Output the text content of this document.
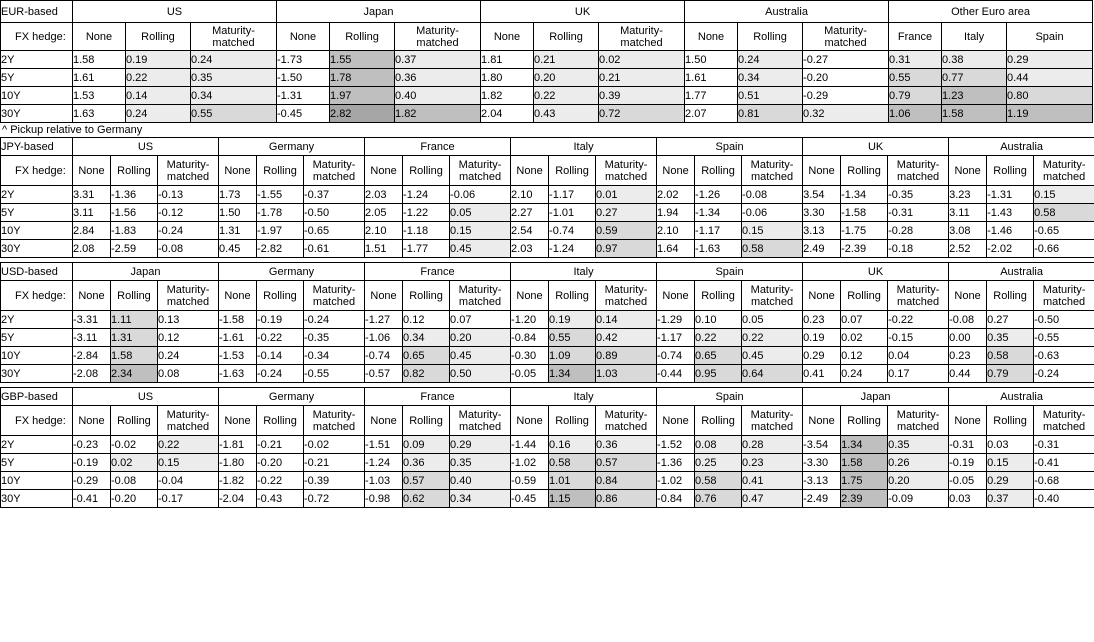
EUR-based	US			Japan			UK			Australia			Other Euro area		
FX hedge:	None	Rolling	Maturity-matched	None	Rolling	Maturity-matched	None	Rolling	Maturity-matched	None	Rolling	Maturity-matched	France	Italy	Spain
2Y	1.58	0.19	0.24	-1.73	1.55	0.37	1.81	0.21	0.02	1.50	0.24	-0.27	0.31	0.38	0.29
5Y	1.61	0.22	0.35	-1.50	1.78	0.36	1.80	0.20	0.21	1.61	0.34	-0.20	0.55	0.77	0.44
10Y	1.53	0.14	0.34	-1.31	1.97	0.40	1.82	0.22	0.39	1.77	0.51	-0.29	0.79	1.23	0.80
30Y	1.63	0.24	0.55	-0.45	2.82	1.82	2.04	0.43	0.72	2.07	0.81	0.32	1.06	1.58	1.19
^ Pickup relative to Germany
JPY-based	US			Germany			France			Italy			Spain			UK			Australia		
FX hedge:	None	Rolling	Maturity-matched	None	Rolling	Maturity-matched	None	Rolling	Maturity-matched	None	Rolling	Maturity-matched	None	Rolling	Maturity-matched	None	Rolling	Maturity-matched	None	Rolling	Maturity-matched
2Y	3.31	-1.36	-0.13	1.73	-1.55	-0.37	2.03	-1.24	-0.06	2.10	-1.17	0.01	2.02	-1.26	-0.08	3.54	-1.34	-0.35	3.23	-1.31	0.15
5Y	3.11	-1.56	-0.12	1.50	-1.78	-0.50	2.05	-1.22	0.05	2.27	-1.01	0.27	1.94	-1.34	-0.06	3.30	-1.58	-0.31	3.11	-1.43	0.58
10Y	2.84	-1.83	-0.24	1.31	-1.97	-0.65	2.10	-1.18	0.15	2.54	-0.74	0.59	2.10	-1.17	0.15	3.13	-1.75	-0.28	3.08	-1.46	-0.65
30Y	2.08	-2.59	-0.08	0.45	-2.82	-0.61	1.51	-1.77	0.45	2.03	-1.24	0.97	1.64	-1.63	0.58	2.49	-2.39	-0.18	2.52	-2.02	-0.66
USD-based	Japan			Germany			France			Italy			Spain			UK			Australia		
FX hedge:	None	Rolling	Maturity-matched	None	Rolling	Maturity-matched	None	Rolling	Maturity-matched	None	Rolling	Maturity-matched	None	Rolling	Maturity-matched	None	Rolling	Maturity-matched	None	Rolling	Maturity-matched
2Y	-3.31	1.11	0.13	-1.58	-0.19	-0.24	-1.27	0.12	0.07	-1.20	0.19	0.14	-1.29	0.10	0.05	0.23	0.07	-0.22	-0.08	0.27	-0.50
5Y	-3.11	1.31	0.12	-1.61	-0.22	-0.35	-1.06	0.34	0.20	-0.84	0.55	0.42	-1.17	0.22	0.22	0.19	0.02	-0.15	0.00	0.35	-0.55
10Y	-2.84	1.58	0.24	-1.53	-0.14	-0.34	-0.74	0.65	0.45	-0.30	1.09	0.89	-0.74	0.65	0.45	0.29	0.12	0.04	0.23	0.58	-0.63
30Y	-2.08	2.34	0.08	-1.63	-0.24	-0.55	-0.57	0.82	0.50	-0.05	1.34	1.03	-0.44	0.95	0.64	0.41	0.24	0.17	0.44	0.79	-0.24
GBP-based	US			Germany			France			Italy			Spain			Japan			Australia		
FX hedge:	None	Rolling	Maturity-matched	None	Rolling	Maturity-matched	None	Rolling	Maturity-matched	None	Rolling	Maturity-matched	None	Rolling	Maturity-matched	None	Rolling	Maturity-matched	None	Rolling	Maturity-matched
2Y	-0.23	-0.02	0.22	-1.81	-0.21	-0.02	-1.51	0.09	0.29	-1.44	0.16	0.36	-1.52	0.08	0.28	-3.54	1.34	0.35	-0.31	0.03	-0.31
5Y	-0.19	0.02	0.15	-1.80	-0.20	-0.21	-1.24	0.36	0.35	-1.02	0.58	0.57	-1.36	0.25	0.23	-3.30	1.58	0.26	-0.19	0.15	-0.41
10Y	-0.29	-0.08	-0.04	-1.82	-0.22	-0.39	-1.03	0.57	0.40	-0.59	1.01	0.84	-1.02	0.58	0.41	-3.13	1.75	0.20	-0.05	0.29	-0.68
30Y	-0.41	-0.20	-0.17	-2.04	-0.43	-0.72	-0.98	0.62	0.34	-0.45	1.15	0.86	-0.84	0.76	0.47	-2.49	2.39	-0.09	0.03	0.37	-0.40
